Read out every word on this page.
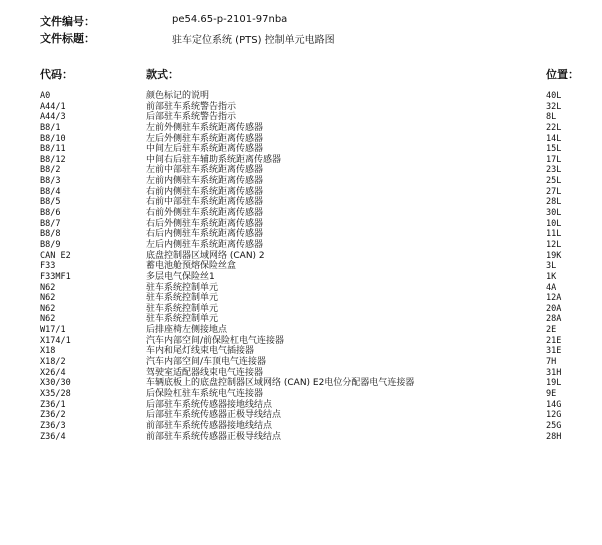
文件编号：	pe54.65-p-2101-97nba
文件标题：	驻车定位系统 (PTS) 控制单元电路图
代码：	款式：	位置：
A0	颜色标记的说明	40L
A44/1	前部驻车系统警告指示	32L
A44/3	后部驻车系统警告指示	8L
B8/1	左前外侧驻车系统距离传感器	22L
B8/10	左后外侧驻车系统距离传感器	14L
B8/11	中间左后驻车系统距离传感器	15L
B8/12	中间右后驻车辅助系统距离传感器	17L
B8/2	左前中部驻车系统距离传感器	23L
B8/3	左前内侧驻车系统距离传感器	25L
B8/4	右前内侧驻车系统距离传感器	27L
B8/5	右前中部驻车系统距离传感器	28L
B8/6	右前外侧驻车系统距离传感器	30L
B8/7	右后外侧驻车系统距离传感器	10L
B8/8	右后内侧驻车系统距离传感器	11L
B8/9	左后内侧驻车系统距离传感器	12L
CAN E2	底盘控制器区域网络 (CAN) 2	19K
F33	蓄电池舱预熔保险丝盒	3L
F33MF1	多层电气保险丝1	1K
N62	驻车系统控制单元	4A
N62	驻车系统控制单元	12A
N62	驻车系统控制单元	20A
N62	驻车系统控制单元	28A
W17/1	后排座椅左侧接地点	2E
X174/1	汽车内部空间/前保险杠电气连接器	21E
X18	车内和尾灯线束电气插接器	31E
X18/2	汽车内部空间/车顶电气连接器	7H
X26/4	驾驶室适配器线束电气连接器	31H
X30/30	车辆底板上的底盘控制器区域网络 (CAN) E2电位分配器电气连接器	19L
X35/28	后保险杠驻车系统电气连接器	9E
Z36/1	后部驻车系统传感器接地线结点	14G
Z36/2	后部驻车系统传感器正极导线结点	12G
Z36/3	前部驻车系统传感器接地线结点	25G
Z36/4	前部驻车系统传感器正极导线结点	28H
